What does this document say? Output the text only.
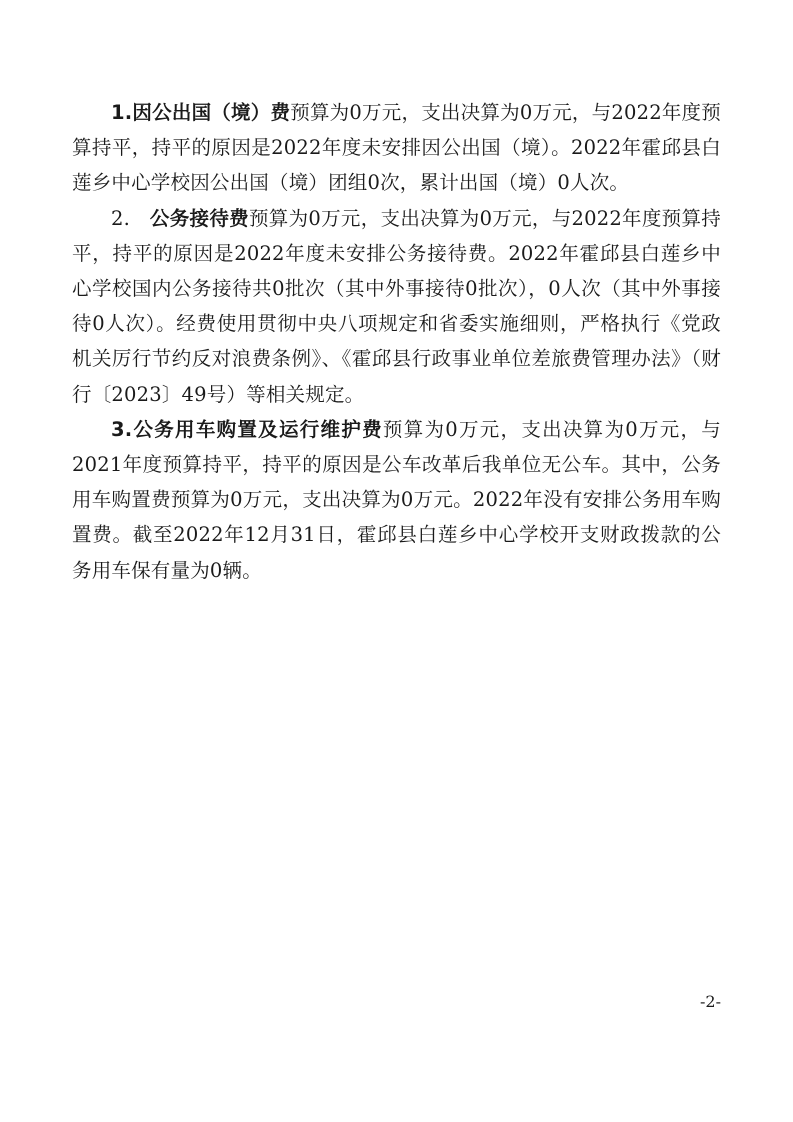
1.因公出国（境）费预算为0万元，支出决算为0万元，与2022年度预算持平，持平的原因是2022年度未安排因公出国（境）。2022年霍邱县白莲乡中心学校因公出国（境）团组0次，累计出国（境）0人次。

2.　公务接待费预算为0万元，支出决算为0万元，与2022年度预算持平，持平的原因是2022年度未安排公务接待费。2022年霍邱县白莲乡中心学校国内公务接待共0批次（其中外事接待0批次），0人次（其中外事接待0人次）。经费使用贯彻中央八项规定和省委实施细则，严格执行《党政机关厉行节约反对浪费条例》、《霍邱县行政事业单位差旅费管理办法》（财行〔2023〕49号）等相关规定。

3.公务用车购置及运行维护费预算为0万元，支出决算为0万元，与2021年度预算持平，持平的原因是公车改革后我单位无公车。其中，公务用车购置费预算为0万元，支出决算为0万元。2022年没有安排公务用车购置费。截至2022年12月31日，霍邱县白莲乡中心学校开支财政拨款的公务用车保有量为0辆。

-2-
